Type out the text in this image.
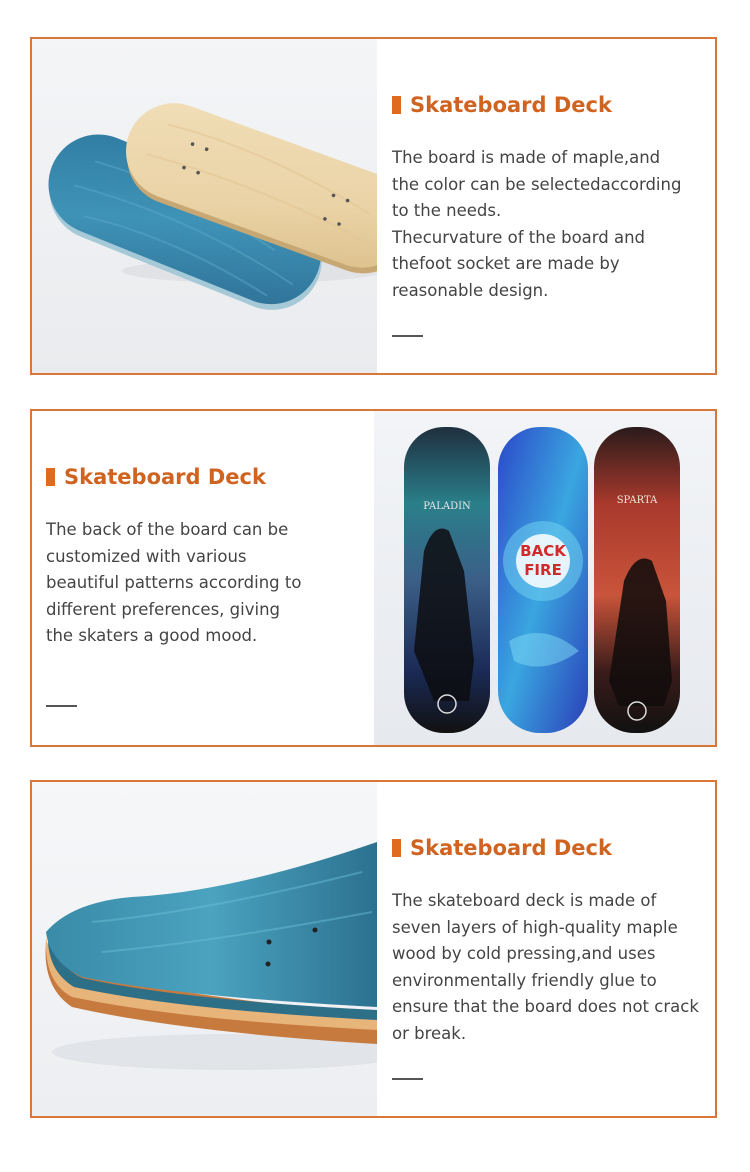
Skateboard Deck
The board is made of maple,and
the color can be selectedaccording
to the needs.
Thecurvature of the board and
thefoot socket are made by
reasonable design.
Skateboard Deck
The back of the board can be
customized with various
beautiful patterns according to
different preferences, giving
the skaters a good mood.
PALADIN
BACK
FIRE
SPARTA
Skateboard Deck
The skateboard deck is made of
seven layers of high-quality maple
wood by cold pressing,and uses
environmentally friendly glue to
ensure that the board does not crack
or break.
